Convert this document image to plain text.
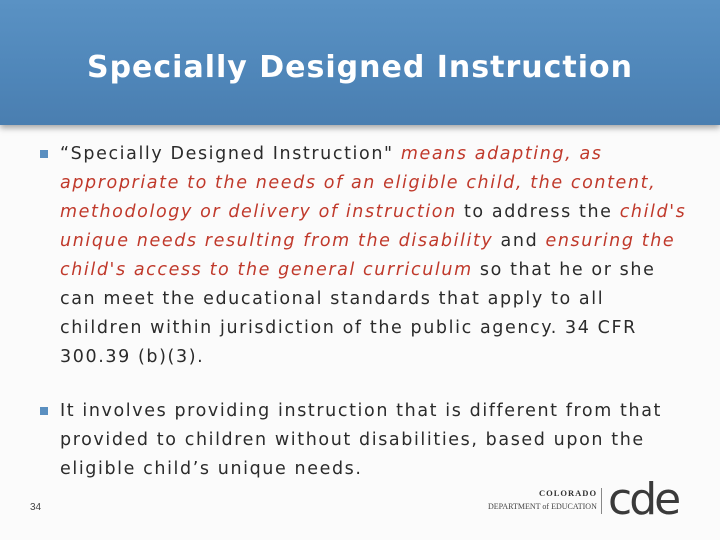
Specially Designed Instruction
“Specially Designed Instruction" means adapting, as appropriate to the needs of an eligible child, the content, methodology or delivery of instruction to address the child's unique needs resulting from the disability and ensuring the child's access to the general curriculum so that he or she can meet the educational standards that apply to all children within jurisdiction of the public agency. 34 CFR 300.39 (b)(3).
It involves providing instruction that is different from that provided to children without disabilities, based upon the eligible child’s unique needs.
34
COLORADO
DEPARTMENT of EDUCATION cde
